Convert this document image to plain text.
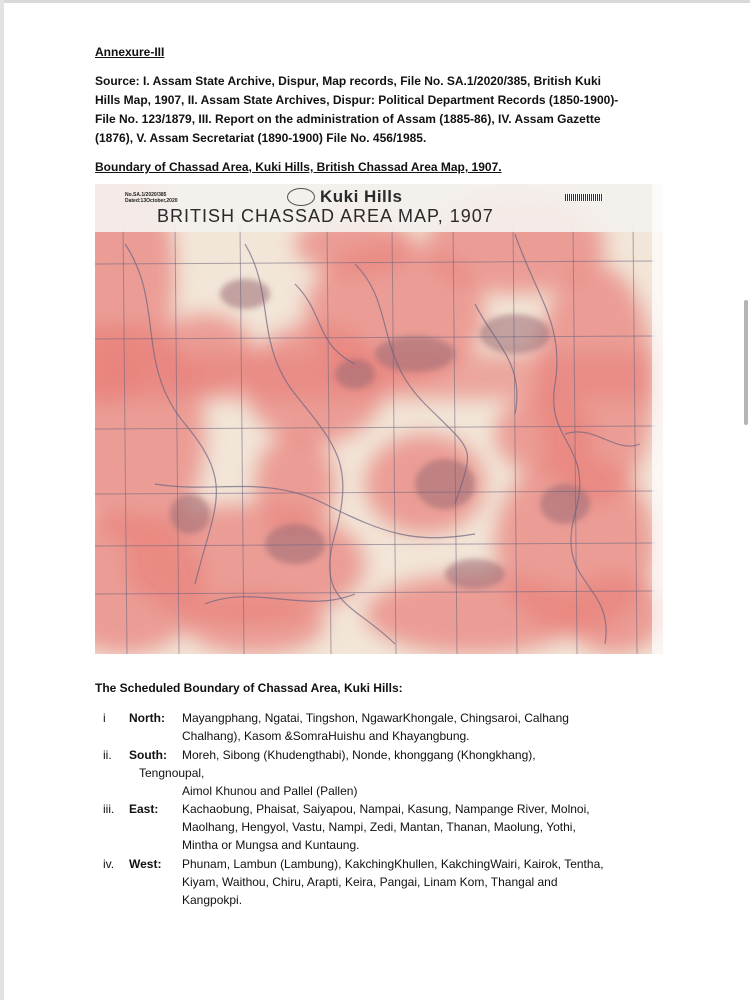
Annexure-III
Source: I. Assam State Archive, Dispur, Map records, File No. SA.1/2020/385, British Kuki
Hills Map, 1907, II. Assam State Archives, Dispur: Political Department Records (1850-1900)-
File No. 123/1879, III. Report on the administration of Assam (1885-86), IV. Assam Gazette
(1876), V. Assam Secretariat (1890-1900) File No. 456/1985.
Boundary of Chassad Area, Kuki Hills, British Chassad Area Map, 1907.
No.SA.1/2020/385
Dated:13October,2020	Kuki Hills
BRITISH CHASSAD AREA MAP, 1907
The Scheduled Boundary of Chassad Area, Kuki Hills:
i North: Mayangphang, Ngatai, Tingshon, NgawarKhongale, Chingsaroi, Calhang
Chalhang), Kasom &SomraHuishu and Khayangbung.
ii. South: Moreh, Sibong (Khudengthabi), Nonde, khonggang (Khongkhang),
Tengnoupal,
Aimol Khunou and Pallel (Pallen)
iii. East: Kachaobung, Phaisat, Saiyapou, Nampai, Kasung, Nampange River, Molnoi,
Maolhang, Hengyol, Vastu, Nampi, Zedi, Mantan, Thanan, Maolung, Yothi,
Mintha or Mungsa and Kuntaung.
iv. West: Phunam, Lambun (Lambung), KakchingKhullen, KakchingWairi, Kairok, Tentha,
Kiyam, Waithou, Chiru, Arapti, Keira, Pangai, Linam Kom, Thangal and
Kangpokpi.
